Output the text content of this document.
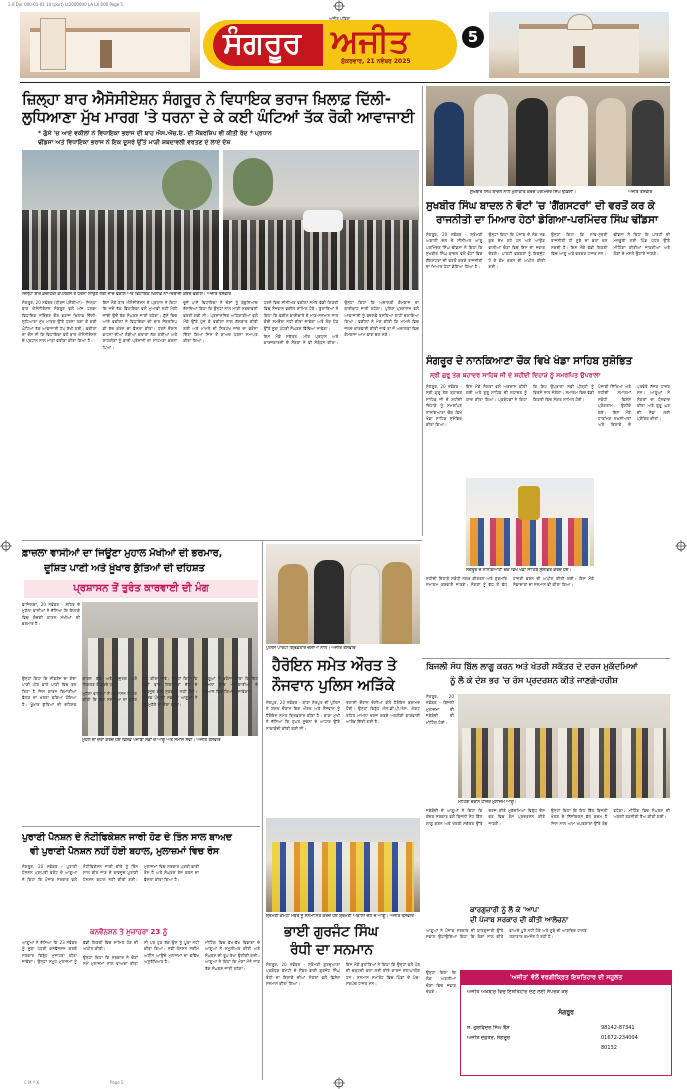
3.0 Dor 000-01-01 10 (port) Lt2000000 LA LA 000 Page 5
ਸੰਗਰੂਰ ਅਜੀਤ
ਅਜੀਤ ਪਤਿਕਾ
ਸ਼ੁੱਕਰਵਾਰ, 21 ਨਵੰਬਰ 2025
5
ਜ਼ਿਲ੍ਹਾ ਬਾਰ ਐਸੋਸੀਏਸ਼ਨ ਸੰਗਰੂਰ ਨੇ ਵਿਧਾਇਕ ਭਰਾਜ ਖ਼ਿਲਾਫ਼ ਦਿੱਲੀ-
ਲੁਧਿਆਣਾ ਮੁੱਖ ਮਾਰਗ 'ਤੇ ਧਰਨਾ ਦੇ ਕੇ ਕਈ ਘੰਟਿਆਂ ਤੱਕ ਰੋਕੀ ਆਵਾਜਾਈ
* ਗੁੱਸੇ 'ਚ ਆਏ ਵਕੀਲਾਂ ਨੇ ਵਿਧਾਇਕਾ ਭਰਾਜ ਦੀ ਬਾਹ ਐਸ.ਐਚ.ਓ. ਦੀ ਮੈਂਬਰਸ਼ਿਪ ਵੀ ਕੀਤੀ ਰੱਦ * ਪ੍ਰਧਾਨ
ਢੀਂਡਸਾ ਅਤੇ ਵਿਧਾਇਕਾ ਭਰਾਜ ਨੇ ਇਕ ਦੂਸਰੇ ਉੱਤੇ ਮਾੜੀ ਸ਼ਬਦਾਵਲੀ ਵਰਤਣ ਦੇ ਲਾਏ ਦੋਸ਼
ਜ਼ਿਲ੍ਹਾ ਬਾਰ ਕਚਹਿਰੀ ਕੰਪਲੈਕਸ ਤੋਂ ਧਰਨਾ ਲਾਉਣ ਲਈ ਜਾਂਦੇ ਵਕੀਲ ਅਤੇ ਵਿਧਾਇਕ ਖ਼ਿਲਾਫ਼ ਨਾਅਰੇਬਾਜ਼ੀ ਕਰਦੇ ਵਕੀਲ। ਅਜੀਤ ਤਸਵੀਰ

ਸੰਗਰੂਰ, 20 ਨਵੰਬਰ (ਧੀਰਜ ਪਸ਼ੌਰੀਆ) - ਜ਼ਿਲ੍ਹਾ ਬਾਰ ਐਸੋਸੀਏਸ਼ਨ ਸੰਗਰੂਰ ਵਲੋਂ ਅੱਜ ਹਲਕਾ ਵਿਧਾਇਕ ਨਰਿੰਦਰ ਕੌਰ ਭਰਾਜ ਖ਼ਿਲਾਫ਼ ਦਿੱਲੀ-ਲੁਧਿਆਣਾ ਮੁੱਖ ਮਾਰਗ ਉੱਤੇ ਧਰਨਾ ਲਗਾ ਕੇ ਕਈ ਘੰਟਿਆਂ ਤੱਕ ਆਵਾਜਾਈ ਠੱਪ ਰੱਖੀ ਗਈ। ਵਕੀਲਾਂ ਦਾ ਦੋਸ਼ ਸੀ ਕਿ ਵਿਧਾਇਕਾ ਵਲੋਂ ਬਾਰ ਐਸੋਸੀਏਸ਼ਨ ਦੇ ਪ੍ਰਧਾਨ ਨਾਲ ਮਾੜਾ ਵਤੀਰਾ ਕੀਤਾ ਗਿਆ ਹੈ।

ਇਸ ਮੌਕੇ ਬਾਰ ਐਸੋਸੀਏਸ਼ਨ ਦੇ ਪ੍ਰਧਾਨ ਨੇ ਕਿਹਾ ਕਿ ਜਦੋਂ ਤੱਕ ਵਿਧਾਇਕਾ ਵਲੋਂ ਮੁਆਫ਼ੀ ਨਹੀਂ ਮੰਗੀ ਜਾਂਦੀ ਉਦੋਂ ਤੱਕ ਸੰਘਰਸ਼ ਜਾਰੀ ਰਹੇਗਾ। ਗੁੱਸੇ ਵਿਚ ਆਏ ਵਕੀਲਾਂ ਨੇ ਵਿਧਾਇਕਾ ਦੀ ਬਾਰ ਮੈਂਬਰਸ਼ਿਪ ਵੀ ਰੱਦ ਕਰਨ ਦਾ ਫ਼ੈਸਲਾ ਕੀਤਾ। ਧਰਨੇ ਦੌਰਾਨ ਵਾਹਨਾਂ ਦੀਆਂ ਲੰਬੀਆਂ ਕਤਾਰਾਂ ਲੱਗ ਗਈਆਂ ਅਤੇ ਰਾਹਗੀਰਾਂ ਨੂੰ ਭਾਰੀ ਪ੍ਰੇਸ਼ਾਨੀ ਦਾ ਸਾਹਮਣਾ ਕਰਨਾ ਪਿਆ।

ਦੂਜੇ ਪਾਸੇ ਵਿਧਾਇਕਾ ਨੇ ਦੋਸ਼ਾਂ ਨੂੰ ਬੇਬੁਨਿਆਦ ਦੱਸਦਿਆਂ ਕਿਹਾ ਕਿ ਉਨ੍ਹਾਂ ਨਾਲ ਮਾੜੀ ਸ਼ਬਦਾਵਲੀ ਵਰਤੀ ਗਈ ਸੀ। ਪ੍ਰਸ਼ਾਸਨਿਕ ਅਧਿਕਾਰੀਆਂ ਵਲੋਂ ਮੌਕੇ ਉੱਤੇ ਪੁੱਜ ਕੇ ਵਕੀਲਾਂ ਨਾਲ ਗੱਲਬਾਤ ਕੀਤੀ ਗਈ ਅਤੇ ਮਾਮਲੇ ਦੀ ਨਿਰਪੱਖ ਜਾਂਚ ਦਾ ਭਰੋਸਾ ਦਿੱਤਾ ਗਿਆ ਜਿਸ ਤੋਂ ਬਾਅਦ ਧਰਨਾ ਸਮਾਪਤ ਕੀਤਾ ਗਿਆ।

ਧਰਨੇ ਵਿਚ ਸੀਨੀਅਰ ਵਕੀਲਾਂ ਸਮੇਤ ਵੱਡੀ ਗਿਣਤੀ ਵਿਚ ਨੌਜਵਾਨ ਵਕੀਲ ਸ਼ਾਮਿਲ ਹੋਏ। ਬੁਲਾਰਿਆਂ ਨੇ ਕਿਹਾ ਕਿ ਵਕੀਲ ਭਾਈਚਾਰੇ ਦੇ ਮਾਣ-ਸਨਮਾਨ ਨਾਲ ਕੋਈ ਸਮਝੌਤਾ ਨਹੀਂ ਕੀਤਾ ਜਾਵੇਗਾ ਅਤੇ ਲੋੜ ਪੈਣ ਉੱਤੇ ਸੂਬਾ ਪੱਧਰੀ ਸੰਘਰਸ਼ ਵਿੱਢਿਆ ਜਾਵੇਗਾ।

ਇਸ ਮੌਕੇ ਸਕੱਤਰ, ਮੀਤ ਪ੍ਰਧਾਨ ਅਤੇ ਕਾਰਜਕਾਰਨੀ ਦੇ ਮੈਂਬਰਾਂ ਨੇ ਵੀ ਸੰਬੋਧਨ ਕੀਤਾ। ਉਨ੍ਹਾਂ ਕਿਹਾ ਕਿ ਅਦਾਲਤੀ ਕੰਮਕਾਜ ਦਾ ਬਾਈਕਾਟ ਜਾਰੀ ਰਹੇਗਾ। ਪੁਲਿਸ ਪ੍ਰਸ਼ਾਸਨ ਵਲੋਂ ਆਵਾਜਾਈ ਨੂੰ ਬਦਲਵੇਂ ਰਸਤਿਆਂ ਰਾਹੀਂ ਚਲਾਇਆ ਗਿਆ। ਵਕੀਲਾਂ ਨੇ ਮੰਗ ਕੀਤੀ ਕਿ ਮਾਮਲੇ ਵਿਚ ਜਲਦ ਕਾਰਵਾਈ ਕੀਤੀ ਜਾਵੇ ਤਾਂ ਜੋ ਅਦਾਲਤਾਂ ਵਿਚ ਕੰਮਕਾਜ ਆਮ ਵਾਂਗ ਚਲ ਸਕੇ।

ਸੁਖਬੀਰ ਸਿੰਘ ਬਾਦਲ ਨਾਲ ਮੁਲਾਕਾਤ ਕਰਦੇ ਪਰਮਿੰਦਰ ਸਿੰਘ ਢੀਂਡਸਾ।	ਅਜੀਤ ਤਸਵੀਰ
ਸੁਖਬੀਰ ਸਿੰਘ ਬਾਦਲ ਨੇ ਵੋਟਾਂ 'ਚ 'ਗੈਂਗਸਟਰਾਂ' ਦੀ ਵਰਤੋਂ ਕਰ ਕੇ
ਰਾਜਨੀਤੀ ਦਾ ਮਿਆਰ ਹੇਠਾਂ ਡੇਗਿਆ-ਪਰਮਿੰਦਰ ਸਿੰਘ ਢੀਂਡਸਾ

ਸੰਗਰੂਰ, 20 ਨਵੰਬਰ - ਸ਼੍ਰੋਮਣੀ ਅਕਾਲੀ ਦਲ ਦੇ ਸੀਨੀਅਰ ਆਗੂ ਪਰਮਿੰਦਰ ਸਿੰਘ ਢੀਂਡਸਾ ਨੇ ਕਿਹਾ ਕਿ ਸੁਖਬੀਰ ਸਿੰਘ ਬਾਦਲ ਵਲੋਂ ਵੋਟਾਂ ਵਿਚ ਗੈਂਗਸਟਰਾਂ ਦੀ ਵਰਤੋਂ ਕਰਕੇ ਰਾਜਨੀਤੀ ਦਾ ਮਿਆਰ ਹੇਠਾਂ ਡੇਗਿਆ ਗਿਆ ਹੈ।

ਉਨ੍ਹਾਂ ਕਿਹਾ ਕਿ ਪੰਜਾਬ ਦੇ ਲੋਕ ਸਭ ਕੁਝ ਦੇਖ ਰਹੇ ਹਨ ਅਤੇ ਆਉਣ ਵਾਲੀਆਂ ਚੋਣਾਂ ਵਿਚ ਇਸ ਦਾ ਜਵਾਬ ਦੇਣਗੇ। ਪਾਰਟੀ ਵਰਕਰਾਂ ਨੂੰ ਇਕਜੁੱਟ ਹੋ ਕੇ ਕੰਮ ਕਰਨ ਦੀ ਅਪੀਲ ਕੀਤੀ ਗਈ।

ਉਨ੍ਹਾਂ ਕਿਹਾ ਕਿ ਸਾਫ਼-ਸੁਥਰੀ ਰਾਜਨੀਤੀ ਹੀ ਸੂਬੇ ਦਾ ਭਲਾ ਕਰ ਸਕਦੀ ਹੈ। ਇਸ ਮੌਕੇ ਵੱਡੀ ਗਿਣਤੀ ਵਿਚ ਆਗੂ ਅਤੇ ਵਰਕਰ ਹਾਜ਼ਰ ਸਨ।

ਢੀਂਡਸਾ ਨੇ ਕਿਹਾ ਕਿ ਪਾਰਟੀ ਦੀ ਮਜ਼ਬੂਤੀ ਲਈ ਪਿੰਡ ਪੱਧਰ ਉੱਤੇ ਮੀਟਿੰਗਾਂ ਕੀਤੀਆਂ ਜਾਣਗੀਆਂ ਅਤੇ ਲੋਕਾਂ ਦੇ ਮਸਲੇ ਉਠਾਏ ਜਾਣਗੇ।

ਸੰਗਰੂਰ ਦੇ ਨਾਨਕਿਆਣਾ ਚੌਕ ਵਿਖੇ ਖੰਡਾ ਸਾਹਿਬ ਸੁਸ਼ੋਭਿਤ
ਸ੍ਰੀ ਗੁਰੂ ਤੇਗ ਬਹਾਦਰ ਸਾਹਿਬ ਜੀ ਦੇ ਸ਼ਹੀਦੀ ਦਿਹਾੜੇ ਨੂੰ ਸਮਰਪਿਤ ਉਪਰਾਲਾ

ਸੰਗਰੂਰ, 20 ਨਵੰਬਰ - ਸ੍ਰੀ ਗੁਰੂ ਤੇਗ ਬਹਾਦਰ ਸਾਹਿਬ ਜੀ ਦੇ ਸ਼ਹੀਦੀ ਦਿਹਾੜੇ ਨੂੰ ਸਮਰਪਿਤ ਨਾਨਕਿਆਣਾ ਚੌਕ ਵਿਖੇ ਖੰਡਾ ਸਾਹਿਬ ਸੁਸ਼ੋਭਿਤ ਕੀਤਾ ਗਿਆ।

ਇਸ ਮੌਕੇ ਸੰਗਤਾਂ ਵਲੋਂ ਅਰਦਾਸ ਕੀਤੀ ਗਈ ਅਤੇ ਗੁਰੂ ਸਾਹਿਬ ਦੀ ਸ਼ਹਾਦਤ ਨੂੰ ਯਾਦ ਕੀਤਾ ਗਿਆ। ਪ੍ਰਬੰਧਕਾਂ ਨੇ ਕਿਹਾ ਕਿ ਇਹ ਉਪਰਾਲਾ ਨਵੀਂ ਪੀੜ੍ਹੀ ਨੂੰ ਵਿਰਸੇ ਨਾਲ ਜੋੜੇਗਾ। ਸਮਾਗਮ ਵਿਚ ਵੱਡੀ ਗਿਣਤੀ ਵਿਚ ਸੰਗਤ ਸ਼ਾਮਿਲ ਹੋਈ।

ਪੰਜਾਬੀ ਸਿੱਖਿਆ ਅਤੇ ਸ਼ਹੀਦੀ ਸਮਾਗਮਾਂ ਸਬੰਧੀ ਵਿਸ਼ੇਸ਼ ਪ੍ਰੋਗਰਾਮ ਉਲੀਕੇ ਗਏ। ਇਸ ਮੌਕੇ ਧਾਰਮਿਕ ਸ਼ਖ਼ਸੀਅਤਾਂ ਅਤੇ ਇਲਾਕੇ ਦੇ ਪਤਵੰਤੇ ਸੱਜਣ ਹਾਜ਼ਰ ਸਨ। ਆਗੂਆਂ ਨੇ ਸੰਗਤਾਂ ਦਾ ਧੰਨਵਾਦ ਕੀਤਾ ਅਤੇ ਗੁਰੂ ਘਰ ਦੀ ਸੇਵਾ ਲਈ ਪ੍ਰੇਰਿਤ ਕੀਤਾ।

ਸੰਗਰੂਰ ਦੇ ਨਾਨਕਿਆਣਾ ਚੌਕ ਵਿਖੇ ਖੰਡਾ ਸਾਹਿਬ ਸੁਸ਼ੋਭਿਤ ਕਰਦੇ ਹੋਏ।

ਸ਼ਹੀਦੀ ਦਿਹਾੜੇ ਸਬੰਧੀ ਨਗਰ ਕੀਰਤਨ ਅਤੇ ਗੁਰਮਤਿ ਸਮਾਗਮ ਕਰਵਾਏ ਜਾਣਗੇ। ਸੰਗਤਾਂ ਨੂੰ ਵੱਧ ਤੋਂ ਵੱਧ ਹਾਜ਼ਰੀ ਭਰਨ ਦੀ ਅਪੀਲ ਕੀਤੀ ਗਈ। ਇਸ ਮੌਕੇ ਸੇਵਾਦਾਰਾਂ ਦਾ ਸਨਮਾਨ ਵੀ ਕੀਤਾ ਗਿਆ।

ਫ਼ਾਜ਼ਲਾ ਵਾਸੀਆਂ ਦਾ ਜਿਊਣਾ ਮੁਹਾਲ ਮੱਖੀਆਂ ਦੀ ਭਰਮਾਰ,
ਦੂਸ਼ਿਤ ਪਾਣੀ ਅਤੇ ਖ਼ੂੰਖਾਰ ਕੁੱਤਿਆਂ ਦੀ ਦਹਿਸ਼ਤ
ਪ੍ਰਸ਼ਾਸਨ ਤੋਂ ਤੁਰੰਤ ਕਾਰਵਾਈ ਦੀ ਮੰਗ

ਫ਼ਾਜ਼ਿਲਕਾ, 20 ਨਵੰਬਰ - ਸ਼ਹਿਰ ਦੇ ਮੁਹੱਲਾ ਵਾਸੀਆਂ ਨੇ ਦੱਸਿਆ ਕਿ ਇਲਾਕੇ ਵਿਚ ਗੰਦਗੀ ਕਾਰਨ ਮੱਖੀਆਂ ਦੀ ਭਰਮਾਰ ਹੈ।

ਮੁਹੱਲੇ ਦਾ ਦੌਰਾ ਕਰਦੇ ਹੋਏ ਵਿਸ਼ਵ ਪੰਜਾਬੀ ਸਭਾ ਦੇ ਆਗੂ ਅਤੇ ਸਮਾਜ ਸੇਵੀ। ਅਜੀਤ ਤਸਵੀਰ

ਉਨ੍ਹਾਂ ਕਿਹਾ ਕਿ ਸੀਵਰੇਜ ਦਾ ਗੰਦਾ ਪਾਣੀ ਪੀਣ ਵਾਲੇ ਪਾਣੀ ਵਿਚ ਰਲ ਰਿਹਾ ਹੈ ਜਿਸ ਕਾਰਨ ਬਿਮਾਰੀਆਂ ਫੈਲਣ ਦਾ ਖ਼ਤਰਾ ਬਣਿਆ ਹੋਇਆ ਹੈ। ਖ਼ੂੰਖਾਰ ਕੁੱਤਿਆਂ ਦੀ ਦਹਿਸ਼ਤ ਕਾਰਨ ਬੱਚੇ ਅਤੇ ਬਜ਼ੁਰਗ ਘਰੋਂ ਨਿਕਲਣ ਤੋਂ ਡਰਦੇ ਹਨ।

ਮੁਹੱਲਾ ਵਾਸੀਆਂ ਨੇ ਪ੍ਰਸ਼ਾਸਨ ਤੋਂ ਮੰਗ ਕੀਤੀ ਕਿ ਇਸ ਸਮੱਸਿਆ ਦਾ ਤੁਰੰਤ ਹੱਲ ਕੀਤਾ ਜਾਵੇ। ਉਨ੍ਹਾਂ ਕਿਹਾ ਕਿ ਕਈ ਵਾਰ ਸ਼ਿਕਾਇਤਾਂ ਦੇਣ ਦੇ ਬਾਵਜੂਦ ਕੋਈ ਸੁਣਵਾਈ ਨਹੀਂ ਹੋਈ। ਵਿਸ਼ਵ ਪੰਜਾਬੀ ਸਭਾ ਦੇ ਆਗੂਆਂ ਨੇ ਵੀ ਮੁਹੱਲੇ ਦਾ ਦੌਰਾ ਕੀਤਾ।

ਆਗੂਆਂ ਨੇ ਭਰੋਸਾ ਦਿੱਤਾ ਕਿ ਇਹ ਮਾਮਲਾ ਉੱਚ ਅਧਿਕਾਰੀਆਂ ਦੇ ਧਿਆਨ ਵਿਚ ਲਿਆਂਦਾ ਜਾਵੇਗਾ।

ਪੁਲਿਸ ਪਾਰਟੀ ਗ੍ਰਿਫ਼ਤਾਰ ਦੋਸ਼ੀਆਂ ਨਾਲ। ਅਜੀਤ ਤਸਵੀਰ
ਹੈਰੋਇਨ ਸਮੇਤ ਔਰਤ ਤੇ
ਨੌਜਵਾਨ ਪੁਲਿਸ ਅੜਿੱਕੇ

ਸ਼ੇਰਪੁਰ, 20 ਨਵੰਬਰ - ਥਾਣਾ ਸ਼ੇਰਪੁਰ ਦੀ ਪੁਲਿਸ ਨੇ ਗਸ਼ਤ ਦੌਰਾਨ ਇਕ ਔਰਤ ਅਤੇ ਨੌਜਵਾਨ ਨੂੰ ਹੈਰੋਇਨ ਸਮੇਤ ਗ੍ਰਿਫ਼ਤਾਰ ਕੀਤਾ ਹੈ। ਥਾਣਾ ਮੁਖੀ ਨੇ ਦੱਸਿਆ ਕਿ ਗੁਪਤ ਸੂਚਨਾ ਦੇ ਆਧਾਰ ਉੱਤੇ ਨਾਕਾਬੰਦੀ ਕੀਤੀ ਗਈ ਸੀ।

ਤਲਾਸ਼ੀ ਦੌਰਾਨ ਦੋਸ਼ੀਆਂ ਕੋਲੋਂ ਹੈਰੋਇਨ ਬਰਾਮਦ ਹੋਈ। ਉਨ੍ਹਾਂ ਵਿਰੁੱਧ ਐਨ.ਡੀ.ਪੀ.ਐਸ. ਐਕਟ ਤਹਿਤ ਮਾਮਲਾ ਦਰਜ ਕਰਕੇ ਅਗਲੇਰੀ ਕਾਰਵਾਈ ਆਰੰਭ ਦਿੱਤੀ ਗਈ ਹੈ।

ਸ਼੍ਰੋਮਣੀ ਕਮੇਟੀ ਮੈਂਬਰ ਨੂੰ ਸਨਮਾਨਿਤ ਕਰਦੇ ਹੋਏ ਸ਼੍ਰੋਮਣੀ ਅਕਾਲੀ ਦਲ ਦੇ ਆਗੂ। ਅਜੀਤ ਤਸਵੀਰ
ਭਾਈ ਗੁਰਜੰਟ ਸਿੰਘ
ਰੰਧੀ ਦਾ ਸਨਮਾਨ

ਸੰਗਰੂਰ, 20 ਨਵੰਬਰ - ਸ਼੍ਰੋਮਣੀ ਗੁਰਦੁਆਰਾ ਪ੍ਰਬੰਧਕ ਕਮੇਟੀ ਦੇ ਮੈਂਬਰ ਭਾਈ ਗੁਰਜੰਟ ਸਿੰਘ ਰੰਧੀ ਦਾ ਇਲਾਕੇ ਦੀਆਂ ਸੰਗਤਾਂ ਵਲੋਂ ਵਿਸ਼ੇਸ਼ ਸਨਮਾਨ ਕੀਤਾ ਗਿਆ।

ਇਸ ਮੌਕੇ ਬੁਲਾਰਿਆਂ ਨੇ ਕਿਹਾ ਕਿ ਉਨ੍ਹਾਂ ਵਲੋਂ ਪੰਥ ਦੀ ਚੜ੍ਹਦੀ ਕਲਾ ਲਈ ਕੀਤੇ ਕਾਰਜ ਸ਼ਲਾਘਾਯੋਗ ਹਨ। ਸਨਮਾਨ ਸਮਾਰੋਹ ਵਿਚ ਪਿੰਡਾਂ ਦੇ ਪੰਚ-ਸਰਪੰਚ ਹਾਜ਼ਰ ਸਨ।

ਪੁਰਾਣੀ ਪੈਨਸ਼ਨ ਦੇ ਨੋਟੀਫਿਕੇਸ਼ਨ ਜਾਰੀ ਹੋਣ ਦੇ ਤਿੰਨ ਸਾਲ ਬਾਅਦ
ਵੀ ਪੁਰਾਣੀ ਪੈਨਸ਼ਨ ਨਹੀਂ ਹੋਈ ਬਹਾਲ, ਮੁਲਾਜ਼ਮਾਂ ਵਿਚ ਰੋਸ

ਸੰਗਰੂਰ, 20 ਨਵੰਬਰ - ਪੁਰਾਣੀ ਪੈਨਸ਼ਨ ਪ੍ਰਾਪਤੀ ਫਰੰਟ ਦੇ ਆਗੂਆਂ ਨੇ ਕਿਹਾ ਕਿ ਪੰਜਾਬ ਸਰਕਾਰ ਵਲੋਂ ਨੋਟੀਫਿਕੇਸ਼ਨ ਜਾਰੀ ਕੀਤੇ ਨੂੰ ਤਿੰਨ ਸਾਲ ਬੀਤ ਜਾਣ ਦੇ ਬਾਵਜੂਦ ਪੁਰਾਣੀ ਪੈਨਸ਼ਨ ਬਹਾਲ ਨਹੀਂ ਕੀਤੀ ਗਈ। ਮੁਲਾਜ਼ਮਾਂ ਵਿਚ ਸਰਕਾਰ ਪ੍ਰਤੀ ਭਾਰੀ ਰੋਸ ਹੈ ਅਤੇ ਸੰਘਰਸ਼ ਤੇਜ਼ ਕਰਨ ਦਾ ਫ਼ੈਸਲਾ ਕੀਤਾ ਗਿਆ ਹੈ।

ਕਨਵੈਨਸ਼ਨ ਤੇ ਮੁਜ਼ਾਹਰਾ 23 ਨੂੰ

ਆਗੂਆਂ ਨੇ ਦੱਸਿਆ ਕਿ 23 ਨਵੰਬਰ ਨੂੰ ਸੂਬਾ ਪੱਧਰੀ ਕਨਵੈਨਸ਼ਨ ਕਰਕੇ ਸਰਕਾਰ ਵਿਰੁੱਧ ਮੁਜ਼ਾਹਰਾ ਕੀਤਾ ਜਾਵੇਗਾ। ਉਨ੍ਹਾਂ ਸਮੂਹ ਮੁਲਾਜ਼ਮਾਂ ਨੂੰ ਵੱਡੀ ਗਿਣਤੀ ਵਿਚ ਸ਼ਾਮਿਲ ਹੋਣ ਦੀ ਅਪੀਲ ਕੀਤੀ।

ਉਨ੍ਹਾਂ ਕਿਹਾ ਕਿ ਸਰਕਾਰ ਨੇ ਚੋਣਾਂ ਸਮੇਂ ਮੁਲਾਜ਼ਮਾਂ ਨਾਲ ਵਾਅਦਾ ਕੀਤਾ ਸੀ ਪਰ ਹੁਣ ਤੱਕ ਉਸ ਨੂੰ ਪੂਰਾ ਨਹੀਂ ਕੀਤਾ ਗਿਆ। ਨਵੀਂ ਪੈਨਸ਼ਨ ਸਕੀਮ ਅਧੀਨ ਆਉਂਦੇ ਮੁਲਾਜ਼ਮਾਂ ਦਾ ਭਵਿੱਖ ਅਸੁਰੱਖਿਅਤ ਹੈ।

ਮੀਟਿੰਗ ਵਿਚ ਵੱਖ-ਵੱਖ ਵਿਭਾਗਾਂ ਦੇ ਆਗੂਆਂ ਨੇ ਸ਼ਮੂਲੀਅਤ ਕੀਤੀ ਅਤੇ ਸੰਘਰਸ਼ ਦੀ ਰੂਪ-ਰੇਖਾ ਉਲੀਕੀ ਗਈ। ਆਗੂਆਂ ਨੇ ਕਿਹਾ ਕਿ ਮੰਗਾਂ ਮੰਨੇ ਜਾਣ ਤੱਕ ਸੰਘਰਸ਼ ਜਾਰੀ ਰਹੇਗਾ।

ਬਿਜਲੀ ਸੋਧ ਬਿੱਲ ਲਾਗੂ ਕਰਨ ਅਤੇ ਖੇਤਰੀ ਸਕੱਤਰ ਦੇ ਦਰਜ ਮੁਕੱਦਮਿਆਂ
ਨੂੰ ਲੈ ਕੇ ਦੇਸ਼ ਭਰ 'ਚ ਰੋਸ ਪ੍ਰਦਰਸ਼ਨ ਕੀਤੇ ਜਾਣਗੇ-ਹਰੀਸ਼

ਸੰਗਰੂਰ, 20 ਨਵੰਬਰ - ਬਿਜਲੀ ਮੁਲਾਜ਼ਮਾਂ ਦੀ ਜਥੇਬੰਦੀ ਦੀ ਮੀਟਿੰਗ ਹੋਈ।

ਮੀਟਿੰਗ ਦੌਰਾਨ ਹਾਜ਼ਰ ਮੁਲਾਜ਼ਮ ਆਗੂ।

ਜਥੇਬੰਦੀ ਦੇ ਆਗੂਆਂ ਨੇ ਕਿਹਾ ਕਿ ਕੇਂਦਰ ਸਰਕਾਰ ਵਲੋਂ ਬਿਜਲੀ ਸੋਧ ਬਿੱਲ ਲਾਗੂ ਕਰਨ ਅਤੇ ਖੇਤਰੀ ਸਕੱਤਰ ਉੱਤੇ ਦਰਜ ਕੀਤੇ ਮੁਕੱਦਮਿਆਂ ਵਿਰੁੱਧ ਦੇਸ਼ ਭਰ ਵਿਚ ਰੋਸ ਪ੍ਰਦਰਸ਼ਨ ਕੀਤੇ ਜਾਣਗੇ।

ਉਨ੍ਹਾਂ ਕਿਹਾ ਕਿ ਇਹ ਬਿੱਲ ਬਿਜਲੀ ਖੇਤਰ ਦੇ ਨਿੱਜੀਕਰਨ ਵੱਲ ਕਦਮ ਹੈ ਜਿਸ ਨਾਲ ਆਮ ਖਪਤਕਾਰਾਂ ਉੱਤੇ ਬੋਝ ਵਧੇਗਾ। ਮੀਟਿੰਗ ਵਿਚ ਸੰਘਰਸ਼ ਦੀ ਅਗਲੀ ਰਣਨੀਤੀ ਤੈਅ ਕੀਤੀ ਗਈ।

ਕਾਰਗੁਜ਼ਾਰੀ ਨੂੰ ਲੈ ਕੇ 'ਆਪ'
ਦੀ ਪੰਜਾਬ ਸਰਕਾਰ ਦੀ ਕੀਤੀ ਆਲੋਚਨਾ

ਆਗੂਆਂ ਨੇ ਪੰਜਾਬ ਸਰਕਾਰ ਦੀ ਕਾਰਗੁਜ਼ਾਰੀ ਉੱਤੇ ਸਵਾਲ ਉਠਾਉਂਦਿਆਂ ਕਿਹਾ ਕਿ ਲੋਕਾਂ ਨਾਲ ਕੀਤੇ ਵਾਅਦੇ ਪੂਰੇ ਨਹੀਂ ਹੋਏ ਅਤੇ ਸੂਬੇ ਦੀ ਆਰਥਿਕ ਹਾਲਤ ਲਗਾਤਾਰ ਕਮਜ਼ੋਰ ਹੋ ਰਹੀ ਹੈ।

'ਅਜੀਤ' ਵੱਲੋਂ ਵਰਗੀਕ੍ਰਿਤ ਇਸ਼ਤਿਹਾਰ ਦੀ ਸਹੂਲਤ
ਅਜੀਤ ਅਖ਼ਬਾਰ ਵਿਚ ਇਸ਼ਤਿਹਾਰ ਦੇਣ ਲਈ ਸੰਪਰਕ ਕਰੋ
ਸੰਗਰੂਰ
ਸ. ਗੁਰਵਿੰਦਰ ਸਿੰਘ ਬੈਂਸ
ਅਜੀਤ ਦਫ਼ਤਰ, ਸੰਗਰੂਰ
98142-87341
01672-234004
80132

ਉਨ੍ਹਾਂ ਕਿਹਾ ਕਿ ਲੋਕ ਅਗਲੀਆਂ ਚੋਣਾਂ ਵਿਚ ਜਵਾਬ ਦੇਣਗੇ।

C M Y K	Page 5
